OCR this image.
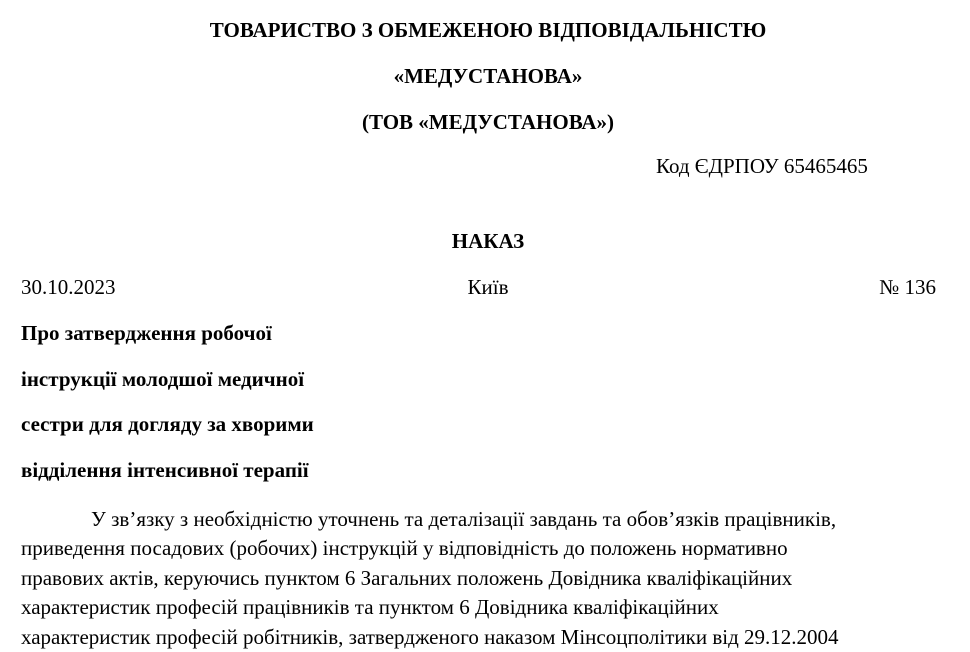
ТОВАРИСТВО З ОБМЕЖЕНОЮ ВІДПОВІДАЛЬНІСТЮ
«МЕДУСТАНОВА»
(ТОВ «МЕДУСТАНОВА»)
Код ЄДРПОУ 65465465
НАКАЗ
30.10.2023	Київ	№ 136
Про затвердження робочої
інструкції молодшої медичної
сестри для догляду за хворими
відділення інтенсивної терапії
У зв’язку з необхідністю уточнень та деталізації завдань та обов’язків працівників,
приведення посадових (робочих) інструкцій у відповідність до положень нормативно
правових актів, керуючись пунктом 6 Загальних положень Довідника кваліфікаційних
характеристик професій працівників та пунктом 6 Довідника кваліфікаційних
характеристик професій робітників, затвердженого наказом Мінсоцполітики від 29.12.2004
